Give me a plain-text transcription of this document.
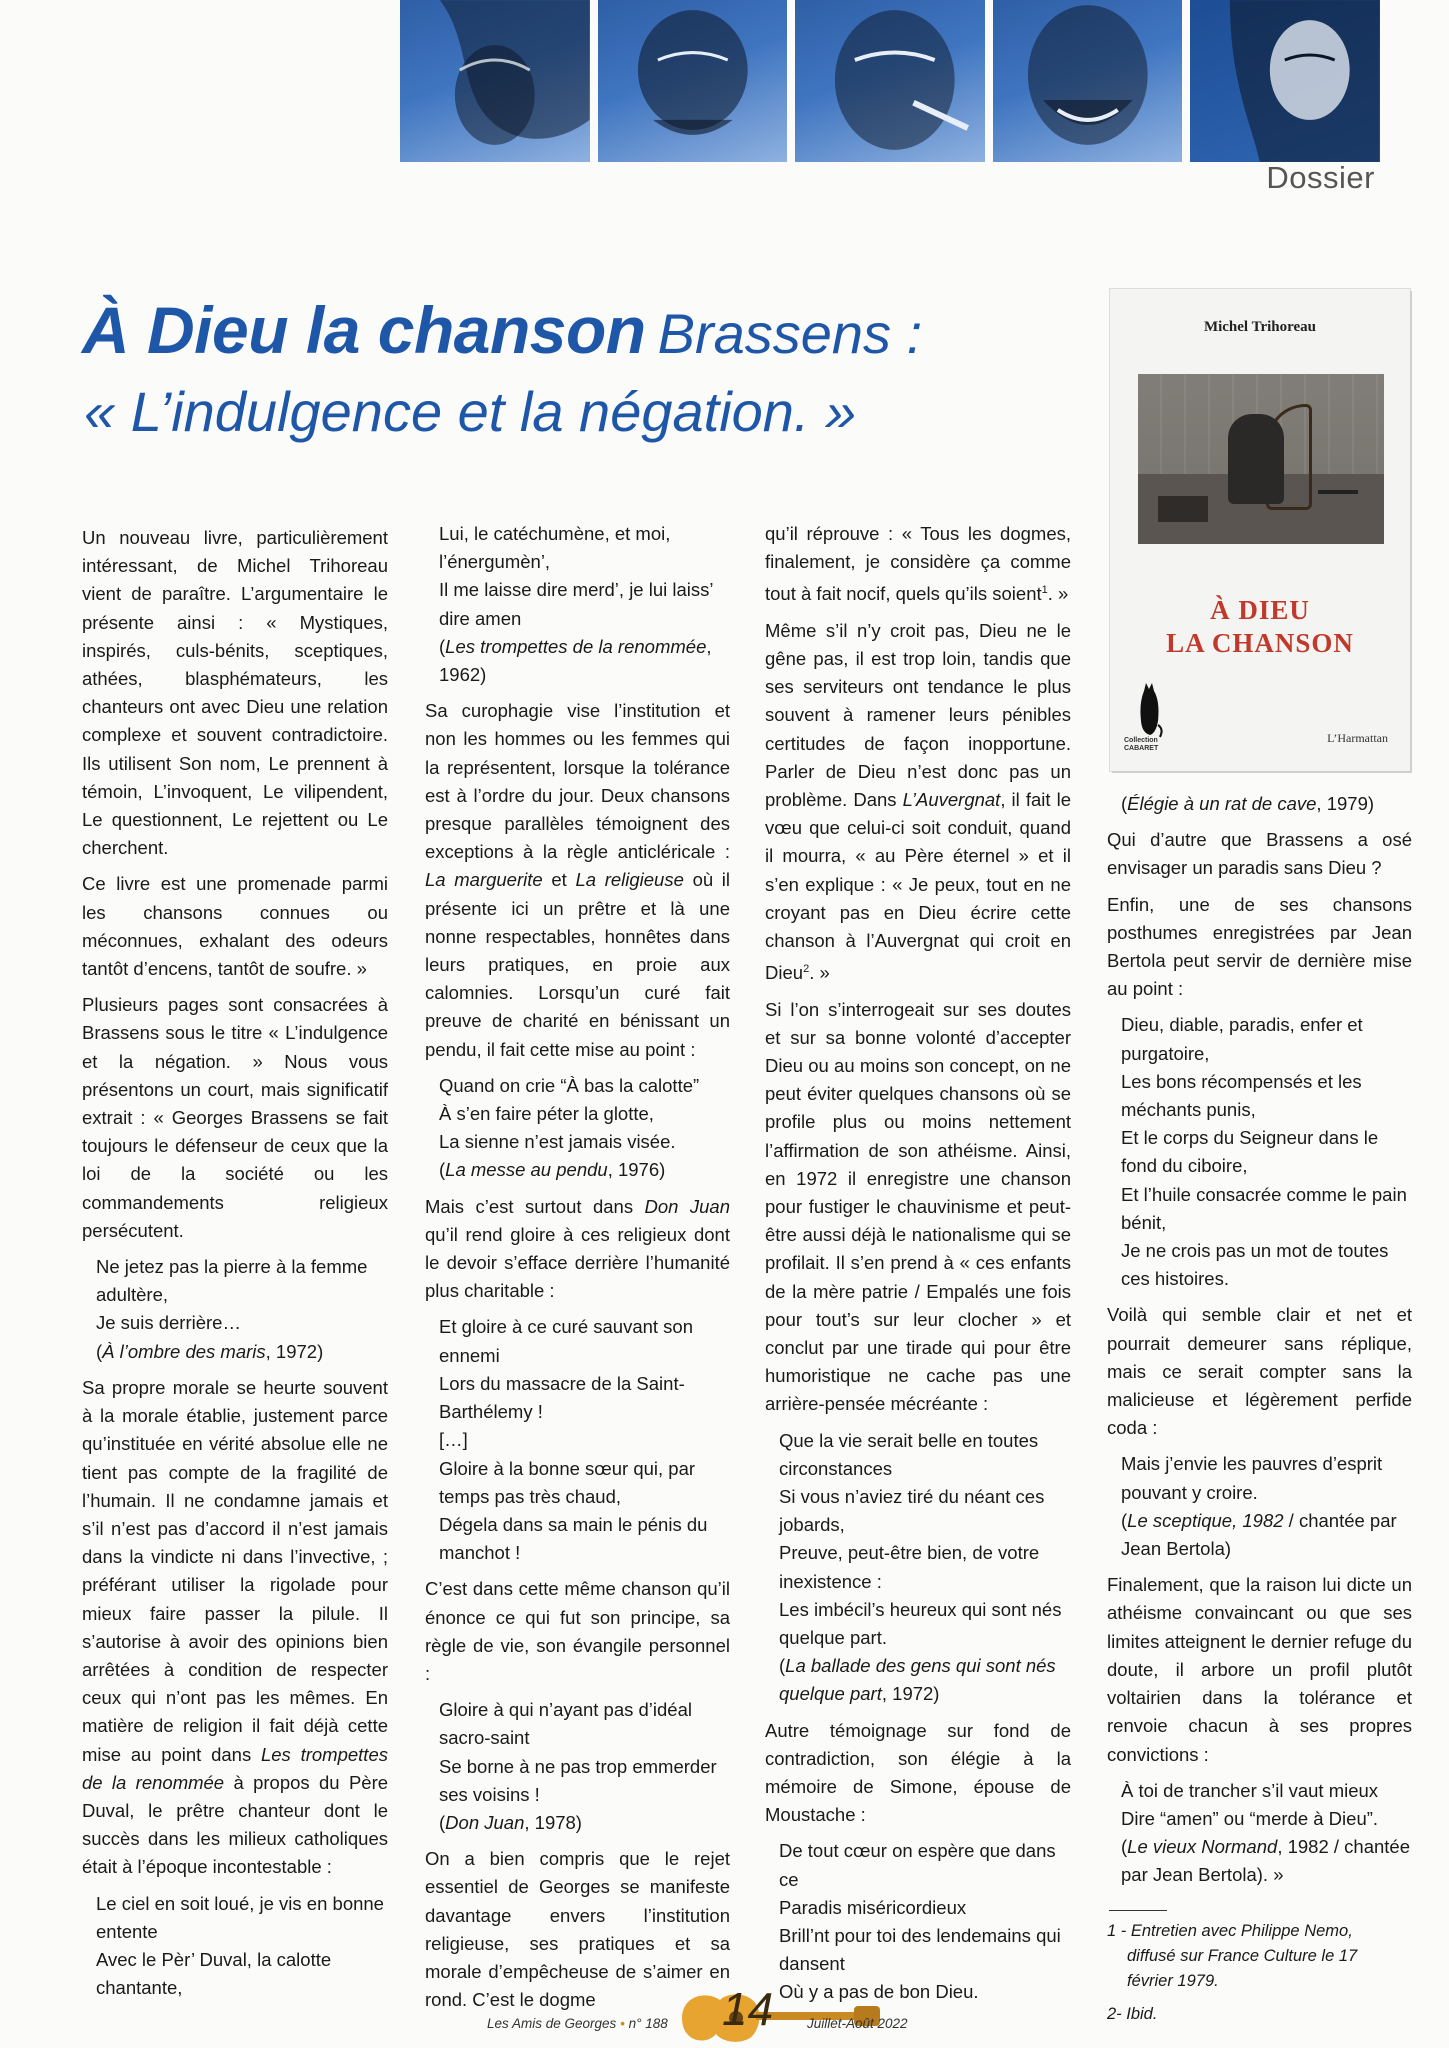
Dossier
À Dieu la chanson Brassens :
« L’indulgence et la négation. »
Michel Trihoreau
À DIEU
LA CHANSON
Collection
CABARET
L’Harmattan

Un nouveau livre, particulièrement intéressant, de Michel Trihoreau vient de paraître. L’argumentaire le présente ainsi : « Mystiques, inspirés, culs-bénits, sceptiques, athées, blasphémateurs, les chanteurs ont avec Dieu une relation complexe et souvent contradictoire. Ils utilisent Son nom, Le prennent à témoin, L’invoquent, Le vilipendent, Le questionnent, Le rejettent ou Le cherchent.

Ce livre est une promenade parmi les chansons connues ou méconnues, exhalant des odeurs tantôt d’encens, tantôt de soufre. »

Plusieurs pages sont consacrées à Brassens sous le titre « L’indulgence et la négation. » Nous vous présentons un court, mais significatif extrait : « Georges Brassens se fait toujours le défenseur de ceux que la loi de la société ou les commandements religieux persécutent.

Ne jetez pas la pierre à la femme adultère,
Je suis derrière…
(À l’ombre des maris, 1972)

Sa propre morale se heurte souvent à la morale établie, justement parce qu’instituée en vérité absolue elle ne tient pas compte de la fragilité de l’humain. Il ne condamne jamais et s’il n’est pas d’accord il n’est jamais dans la vindicte ni dans l’invective, ; préférant utiliser la rigolade pour mieux faire passer la pilule. Il s’autorise à avoir des opinions bien arrêtées à condition de respecter ceux qui n’ont pas les mêmes. En matière de religion il fait déjà cette mise au point dans Les trompettes de la renommée à propos du Père Duval, le prêtre chanteur dont le succès dans les milieux catholiques était à l’époque incontestable :

Le ciel en soit loué, je vis en bonne entente
Avec le Pèr’ Duval, la calotte chantante,
Lui, le catéchumène, et moi, l’énergumèn’,
Il me laisse dire merd’, je lui laiss’ dire amen
(Les trompettes de la renommée, 1962)

Sa curophagie vise l’institution et non les hommes ou les femmes qui la représentent, lorsque la tolérance est à l’ordre du jour. Deux chansons presque parallèles témoignent des exceptions à la règle anticléricale : La marguerite et La religieuse où il présente ici un prêtre et là une nonne respectables, honnêtes dans leurs pratiques, en proie aux calomnies. Lorsqu’un curé fait preuve de charité en bénissant un pendu, il fait cette mise au point :

Quand on crie “À bas la calotte”
À s’en faire péter la glotte,
La sienne n’est jamais visée.
(La messe au pendu, 1976)

Mais c’est surtout dans Don Juan qu’il rend gloire à ces religieux dont le devoir s’efface derrière l’humanité plus charitable :

Et gloire à ce curé sauvant son ennemi
Lors du massacre de la Saint-Barthélemy !
[…]
Gloire à la bonne sœur qui, par temps pas très chaud,
Dégela dans sa main le pénis du manchot !

C’est dans cette même chanson qu’il énonce ce qui fut son principe, sa règle de vie, son évangile personnel :

Gloire à qui n’ayant pas d’idéal sacro-saint
Se borne à ne pas trop emmerder ses voisins !
(Don Juan, 1978)

On a bien compris que le rejet essentiel de Georges se manifeste davantage envers l’institution religieuse, ses pratiques et sa morale d’empêcheuse de s’aimer en rond. C’est le dogme

qu’il réprouve : « Tous les dogmes, finalement, je considère ça comme tout à fait nocif, quels qu’ils soient$^1$. »

Même s’il n’y croit pas, Dieu ne le gêne pas, il est trop loin, tandis que ses serviteurs ont tendance le plus souvent à ramener leurs pénibles certitudes de façon inopportune. Parler de Dieu n’est donc pas un problème. Dans L’Auvergnat, il fait le vœu que celui-ci soit conduit, quand il mourra, « au Père éternel » et il s’en explique : « Je peux, tout en ne croyant pas en Dieu écrire cette chanson à l’Auvergnat qui croit en Dieu$^2$. »

Si l’on s’interrogeait sur ses doutes et sur sa bonne volonté d’accepter Dieu ou au moins son concept, on ne peut éviter quelques chansons où se profile plus ou moins nettement l’affirmation de son athéisme. Ainsi, en 1972 il enregistre une chanson pour fustiger le chauvinisme et peut-être aussi déjà le nationalisme qui se profilait. Il s’en prend à « ces enfants de la mère patrie / Empalés une fois pour tout’s sur leur clocher » et conclut par une tirade qui pour être humoristique ne cache pas une arrière-pensée mécréante :

Que la vie serait belle en toutes circonstances
Si vous n’aviez tiré du néant ces jobards,
Preuve, peut-être bien, de votre inexistence :
Les imbécil’s heureux qui sont nés quelque part.
(La ballade des gens qui sont nés quelque part, 1972)

Autre témoignage sur fond de contradiction, son élégie à la mémoire de Simone, épouse de Moustache :

De tout cœur on espère que dans ce
Paradis miséricordieux
Brill’nt pour toi des lendemains qui dansent
Où y a pas de bon Dieu.
(Élégie à un rat de cave, 1979)

Qui d’autre que Brassens a osé envisager un paradis sans Dieu ?

Enfin, une de ses chansons posthumes enregistrées par Jean Bertola peut servir de dernière mise au point :

Dieu, diable, paradis, enfer et purgatoire,
Les bons récompensés et les méchants punis,
Et le corps du Seigneur dans le fond du ciboire,
Et l’huile consacrée comme le pain bénit,
Je ne crois pas un mot de toutes ces histoires.

Voilà qui semble clair et net et pourrait demeurer sans réplique, mais ce serait compter sans la malicieuse et légèrement perfide coda :

Mais j’envie les pauvres d’esprit pouvant y croire.
(Le sceptique, 1982 / chantée par Jean Bertola)

Finalement, que la raison lui dicte un athéisme convaincant ou que ses limites atteignent le dernier refuge du doute, il arbore un profil plutôt voltairien dans la tolérance et renvoie chacun à ses propres convictions :

À toi de trancher s’il vaut mieux
Dire “amen” ou “merde à Dieu”.
(Le vieux Normand, 1982 / chantée par Jean Bertola). »

1 - Entretien avec Philippe Nemo,
diffusé sur France Culture le 17
février 1979.

2- Ibid.

Les Amis de Georges • n° 188 14	Juillet-Août 2022
